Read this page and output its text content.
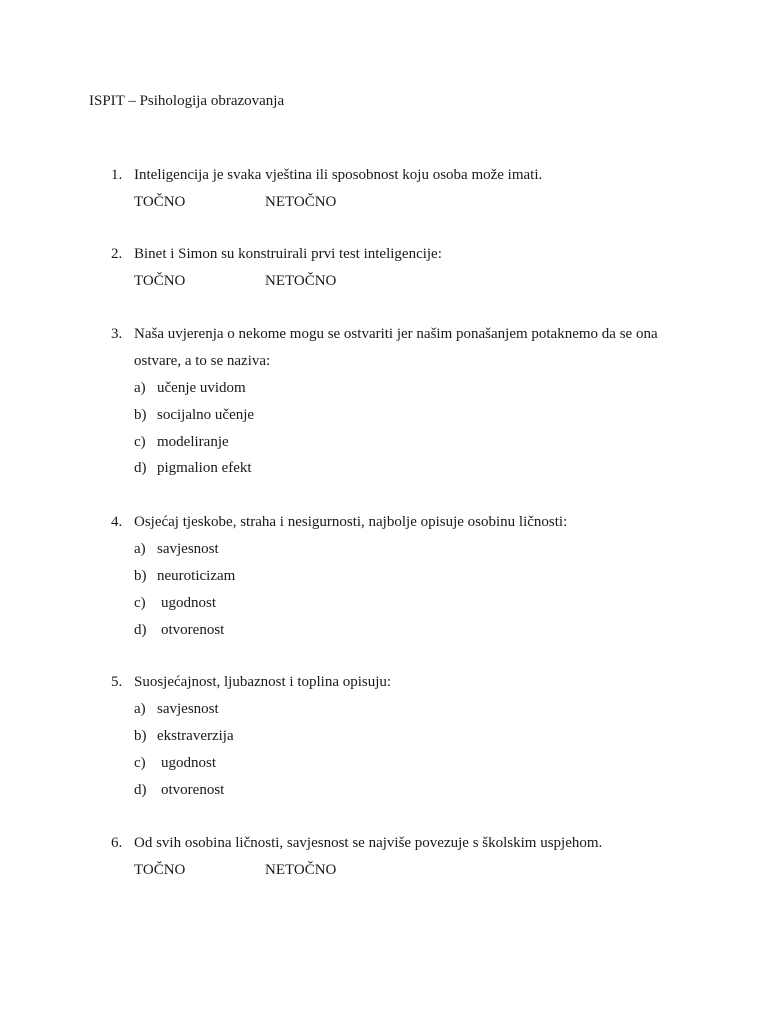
ISPIT – Psihologija obrazovanja
1. Inteligencija je svaka vještina ili sposobnost koju osoba može imati.
TOČNO	NETOČNO
2. Binet i Simon su konstruirali prvi test inteligencije:
TOČNO	NETOČNO
3. Naša uvjerenja o nekome mogu se ostvariti jer našim ponašanjem potaknemo da se ona
ostvare, a to se naziva:
a) učenje uvidom
b) socijalno učenje
c) modeliranje
d) pigmalion efekt
4. Osjećaj tjeskobe, straha i nesigurnosti, najbolje opisuje osobinu ličnosti:
a) savjesnost
b) neuroticizam
c) ugodnost
d) otvorenost
5. Suosjećajnost, ljubaznost i toplina opisuju:
a) savjesnost
b) ekstraverzija
c) ugodnost
d) otvorenost
6. Od svih osobina ličnosti, savjesnost se najviše povezuje s školskim uspjehom.
TOČNO	NETOČNO
